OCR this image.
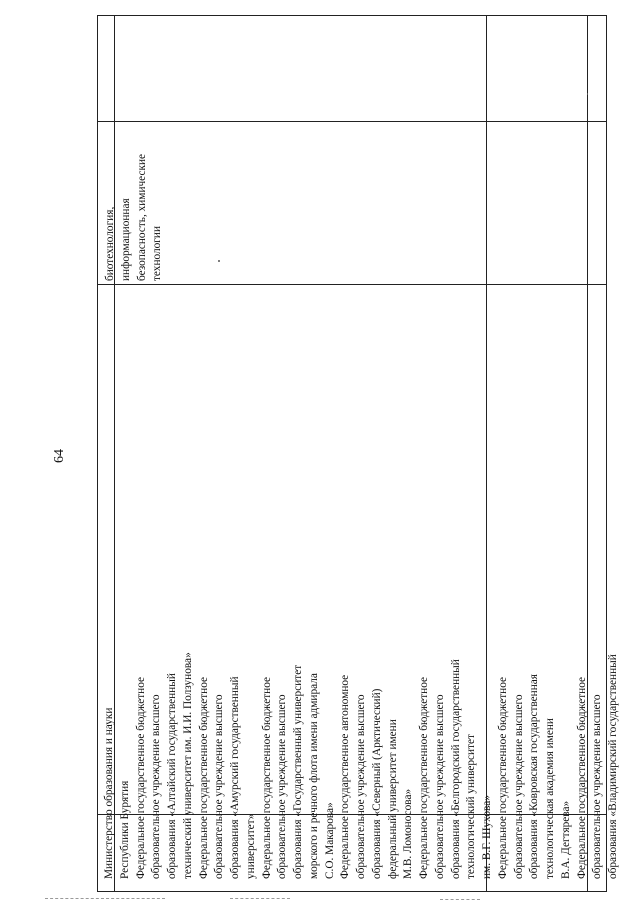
64
Министерство образования и науки Республики Бурятия Федеральное государственное бюджетное образовательное учреждение высшего образования «Алтайский государственный технический университет им. И.И. Ползунова» Федеральное государственное бюджетное образовательное учреждение высшего образования «Амурский государственный университет» Федеральное государственное бюджетное образовательное учреждение высшего образования «Государственный университет морского и речного флота имени адмирала С.О. Макарова» Федеральное государственное автономное образовательное учреждение высшего образования «Северный (Арктический) федеральный университет имени М.В. Ломоносова» Федеральное государственное бюджетное образовательное учреждение высшего образования «Белгородский государственный технологический университет им. В.Г. Шухова» Федеральное государственное бюджетное образовательное учреждение высшего образования «Ковровская государственная технологическая академия имени В.А. Дегтярева» Федеральное государственное бюджетное образовательное учреждение высшего образования «Владимирский государственный
биотехнология, информационная безопасность, химические технологии
